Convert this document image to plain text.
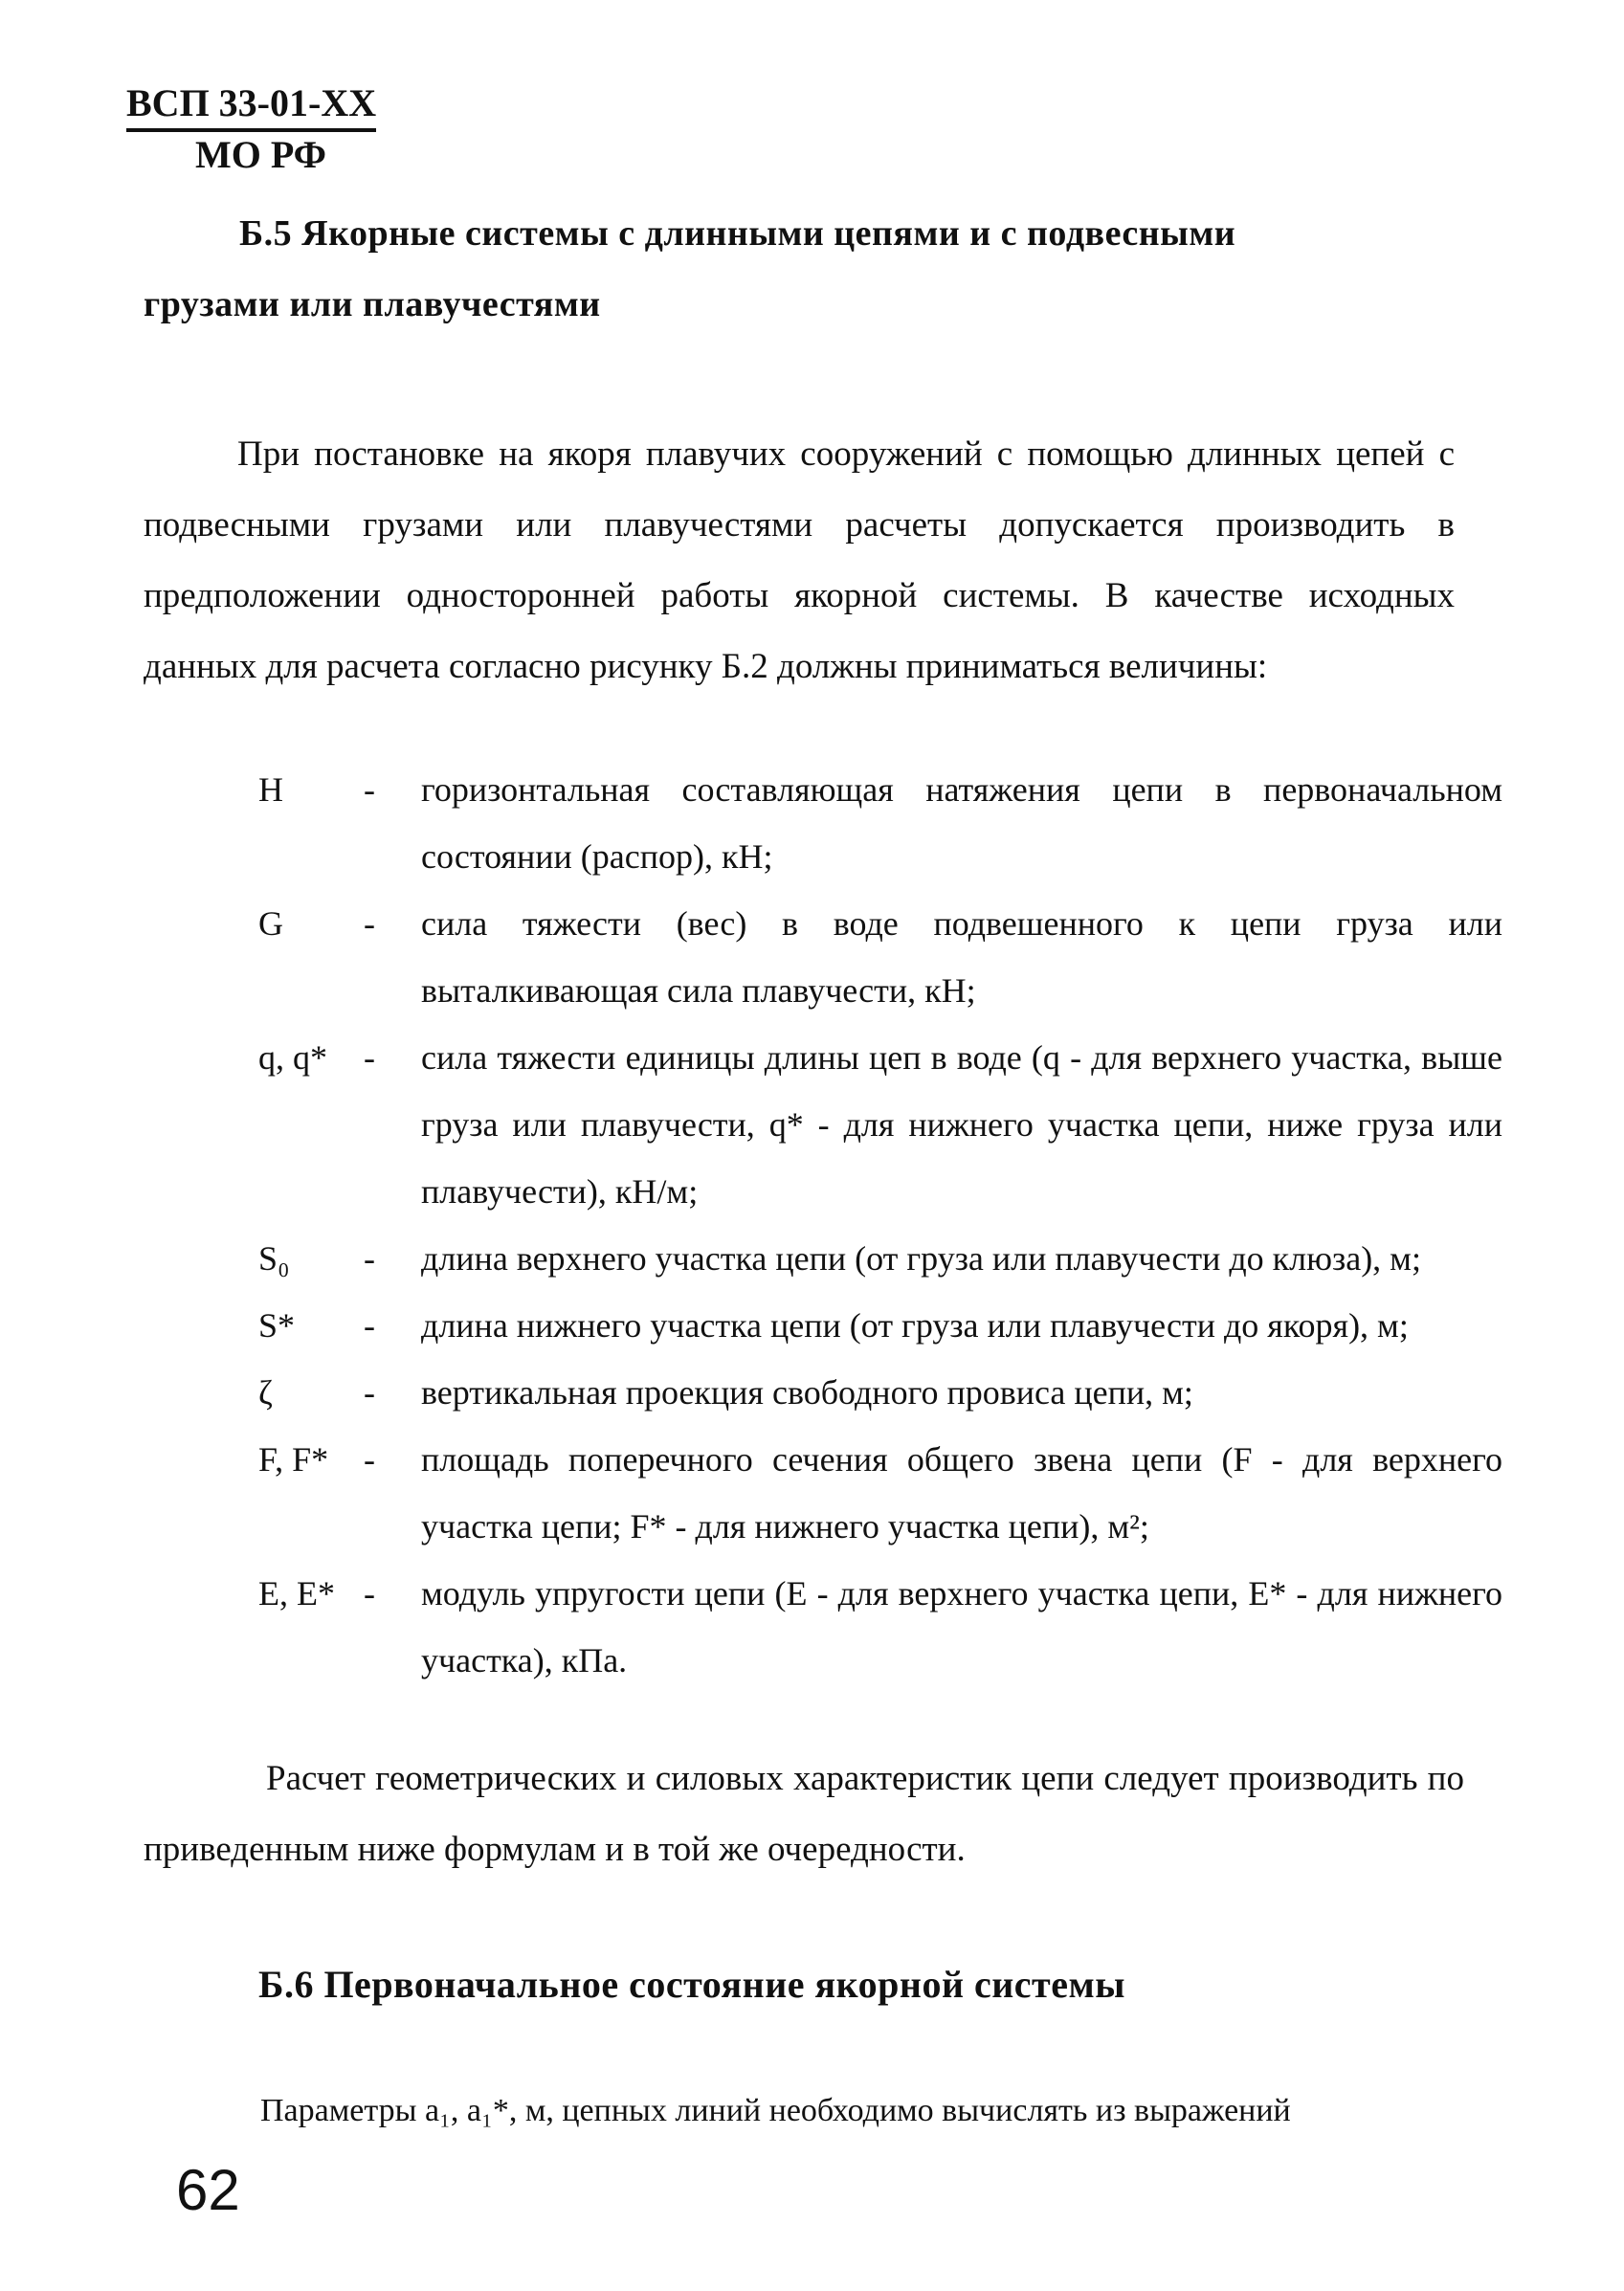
ВСП 33-01-XX
МО РФ
Б.5 Якорные системы с длинными цепями и с подвесными
грузами или плавучестями
При постановке на якоря плавучих сооружений с помощью длинных цепей с подвесными грузами или плавучестями расчеты допускается производить в предположении односторонней работы якорной системы. В качестве исходных данных для расчета согласно рисунку Б.2 должны приниматься величины:
H - горизонтальная составляющая натяжения цепи в первоначальном состоянии (распор), кН;
G - сила тяжести (вес) в воде подвешенного к цепи груза или выталкивающая сила плавучести, кН;
q, q* - сила тяжести единицы длины цеп в воде (q - для верхнего участка, выше груза или плавучести, q* - для нижнего участка цепи, ниже груза или плавучести), кН/м;
S₀ - длина верхнего участка цепи (от груза или плавучести до клюза), м;
S* - длина нижнего участка цепи (от груза или плавучести до якоря), м;
ζ	- вертикальная проекция свободного провиса цепи, м;
F, F* - площадь поперечного сечения общего звена цепи (F - для верхнего участка цепи; F* - для нижнего участка цепи), м²;
E, E* - модуль упругости цепи (E - для верхнего участка цепи, E* - для нижнего участка), кПа.
Расчет геометрических и силовых характеристик цепи следует производить по приведенным ниже формулам и в той же очередности.
Б.6 Первоначальное состояние якорной системы
Параметры a₁, a₁*, м, цепных линий необходимо вычислять из выражений
62
